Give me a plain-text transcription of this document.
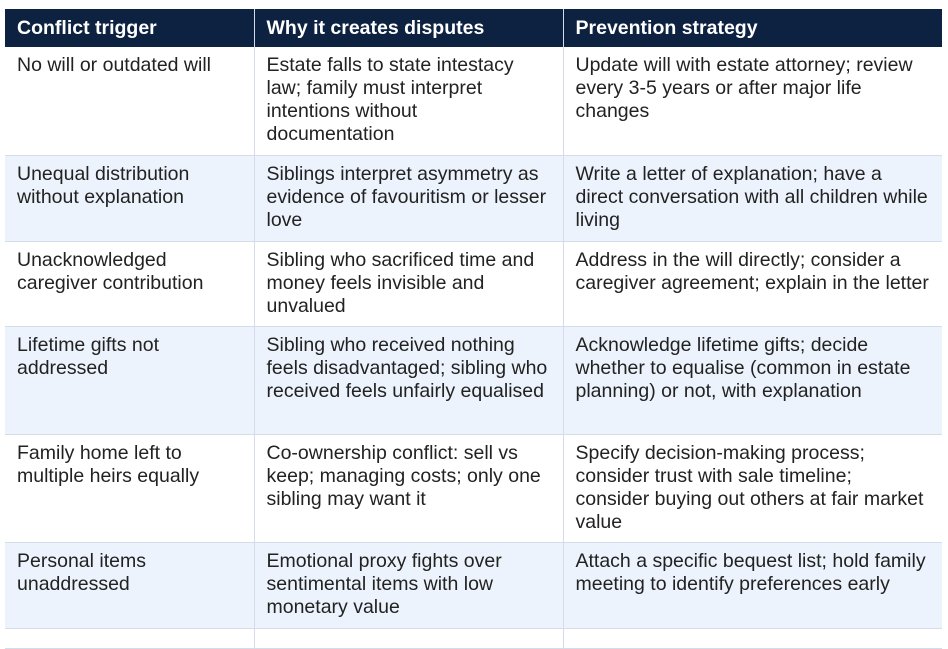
Conflict trigger	Why it creates disputes	Prevention strategy
No will or outdated will	Estate falls to state intestacy law; family must interpret intentions without documentation	Update will with estate attorney; review every 3-5 years or after major life changes
Unequal distribution without explanation	Siblings interpret asymmetry as evidence of favouritism or lesser love	Write a letter of explanation; have a direct conversation with all children while living
Unacknowledged caregiver contribution	Sibling who sacrificed time and money feels invisible and unvalued	Address in the will directly; consider a caregiver agreement; explain in the letter
Lifetime gifts not addressed	Sibling who received nothing feels disadvantaged; sibling who received feels unfairly equalised	Acknowledge lifetime gifts; decide whether to equalise (common in estate planning) or not, with explanation
Family home left to multiple heirs equally	Co-ownership conflict: sell vs keep; managing costs; only one sibling may want it	Specify decision-making process; consider trust with sale timeline; consider buying out others at fair market value
Personal items unaddressed	Emotional proxy fights over sentimental items with low monetary value	Attach a specific bequest list; hold family meeting to identify preferences early
